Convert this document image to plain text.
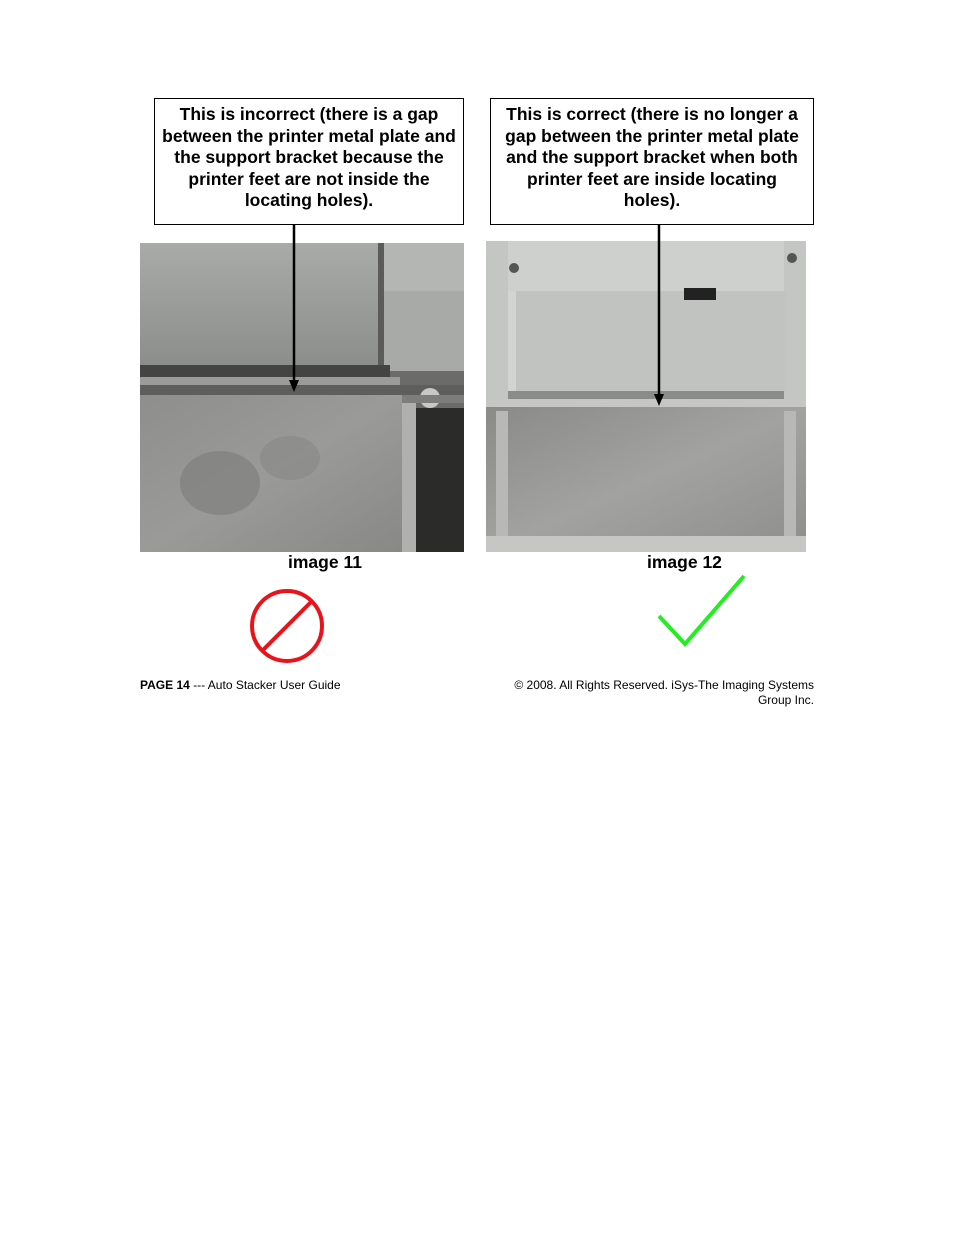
This is incorrect (there is a gap between the printer metal plate and the support bracket because the printer feet are not inside the locating holes).
This is correct (there is no longer a gap between the printer metal plate and the support bracket when both printer feet are inside locating holes).
image 11	image 12
PAGE 14 --- Auto Stacker User Guide	© 2008. All Rights Reserved. iSys-The Imaging Systems Group Inc.
